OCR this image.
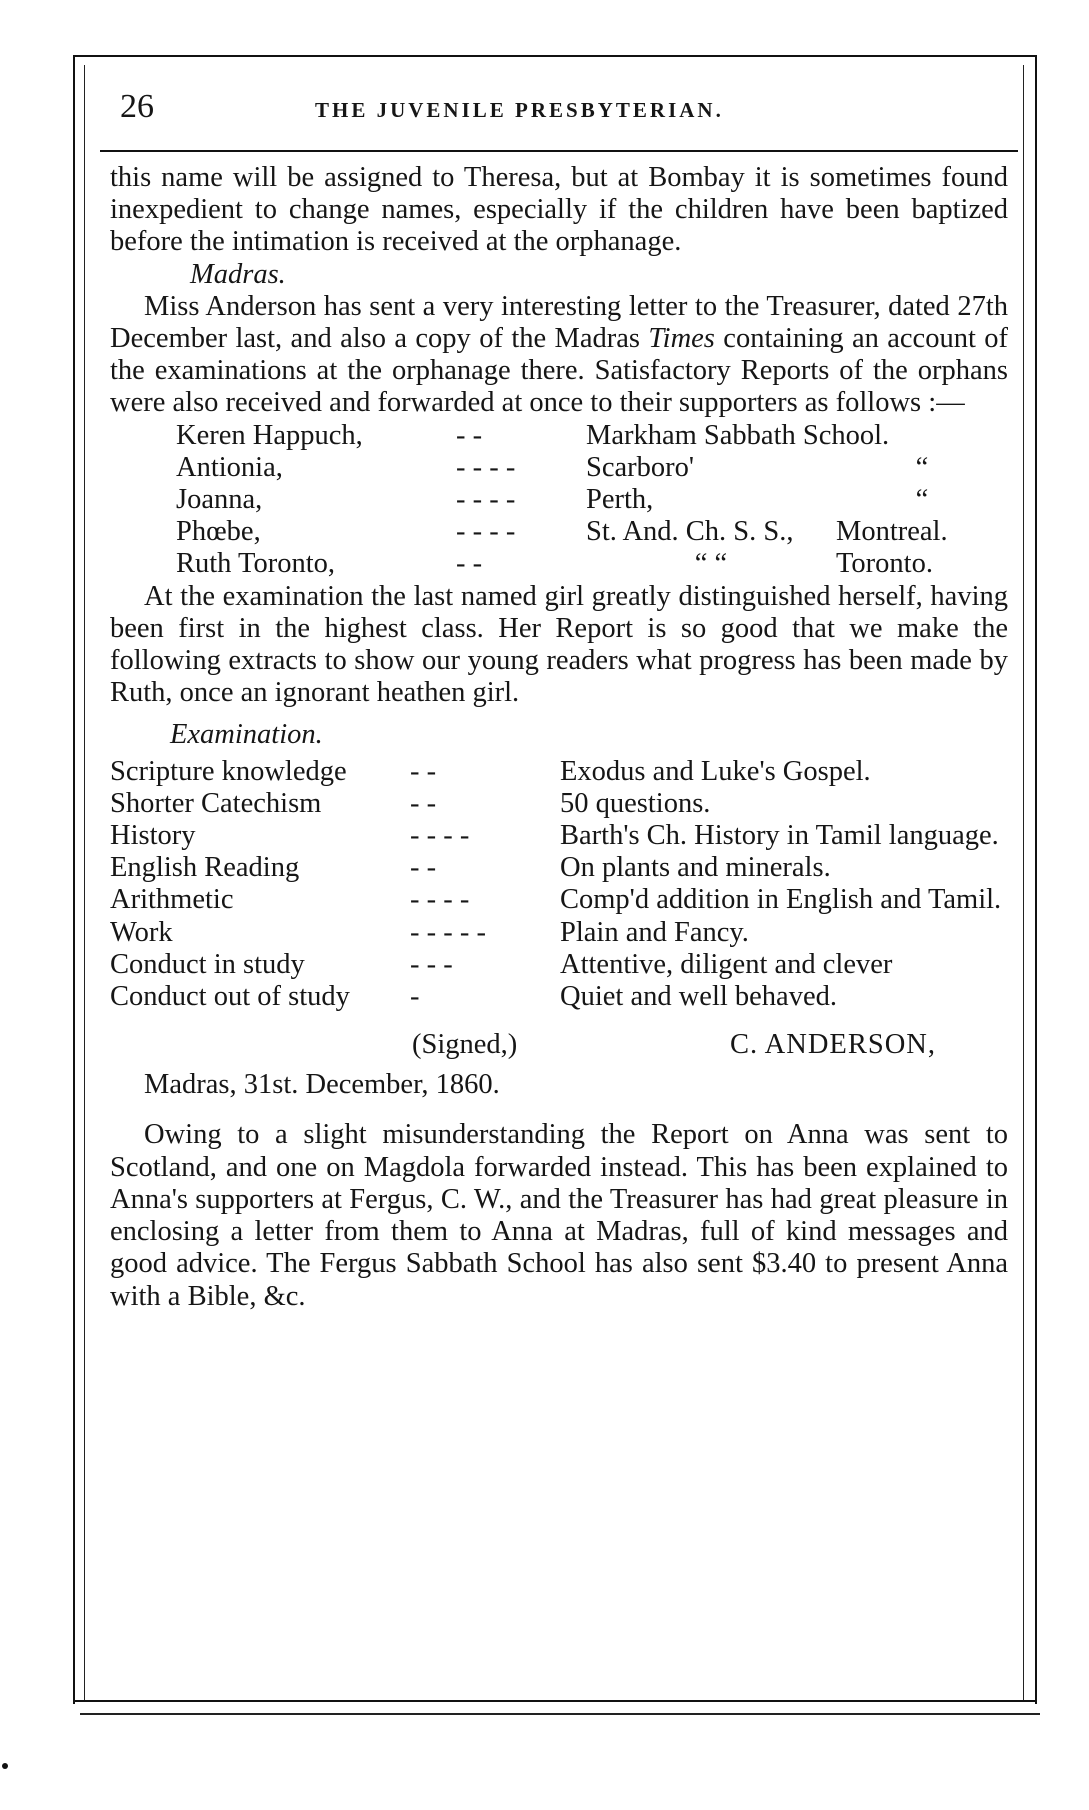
26	THE JUVENILE PRESBYTERIAN.

this name will be assigned to Theresa, but at Bombay it is sometimes found inexpedient to change names, especially if the children have been baptized before the intimation is received at the orphanage.

Madras.

Miss Anderson has sent a very interesting letter to the Treasurer, dated 27th December last, and also a copy of the Madras Times containing an account of the examinations at the orphanage there. Satisfactory Reports of the orphans were also received and forwarded at once to their supporters as follows :—

Keren Happuch,	- -	Markham Sabbath School.	
Antionia,	- - - -	Scarboro'	“
Joanna,	- - - -	Perth,	“
Phœbe,	- - - -	St. And. Ch. S. S.,	Montreal.
Ruth Toronto,	- -	“ “	Toronto.

At the examination the last named girl greatly distinguished herself, having been first in the highest class. Her Report is so good that we make the following extracts to show our young readers what progress has been made by Ruth, once an ignorant heathen girl.

Examination.

Scripture knowledge	- -	Exodus and Luke's Gospel.
Shorter Catechism	- -	50 questions.
History	- - - -	Barth's Ch. History in Tamil language.
English Reading	- -	On plants and minerals.
Arithmetic	- - - -	Comp'd addition in English and Tamil.
Work	- - - - -	Plain and Fancy.
Conduct in study	- - -	Attentive, diligent and clever
Conduct out of study	-	Quiet and well behaved.
(Signed,)	C. ANDERSON,

Madras, 31st. December, 1860.

Owing to a slight misunderstanding the Report on Anna was sent to Scotland, and one on Magdola forwarded instead. This has been explained to Anna's supporters at Fergus, C. W., and the Treasurer has had great pleasure in enclosing a letter from them to Anna at Madras, full of kind messages and good advice. The Fergus Sabbath School has also sent $3.40 to present Anna with a Bible, &c.
